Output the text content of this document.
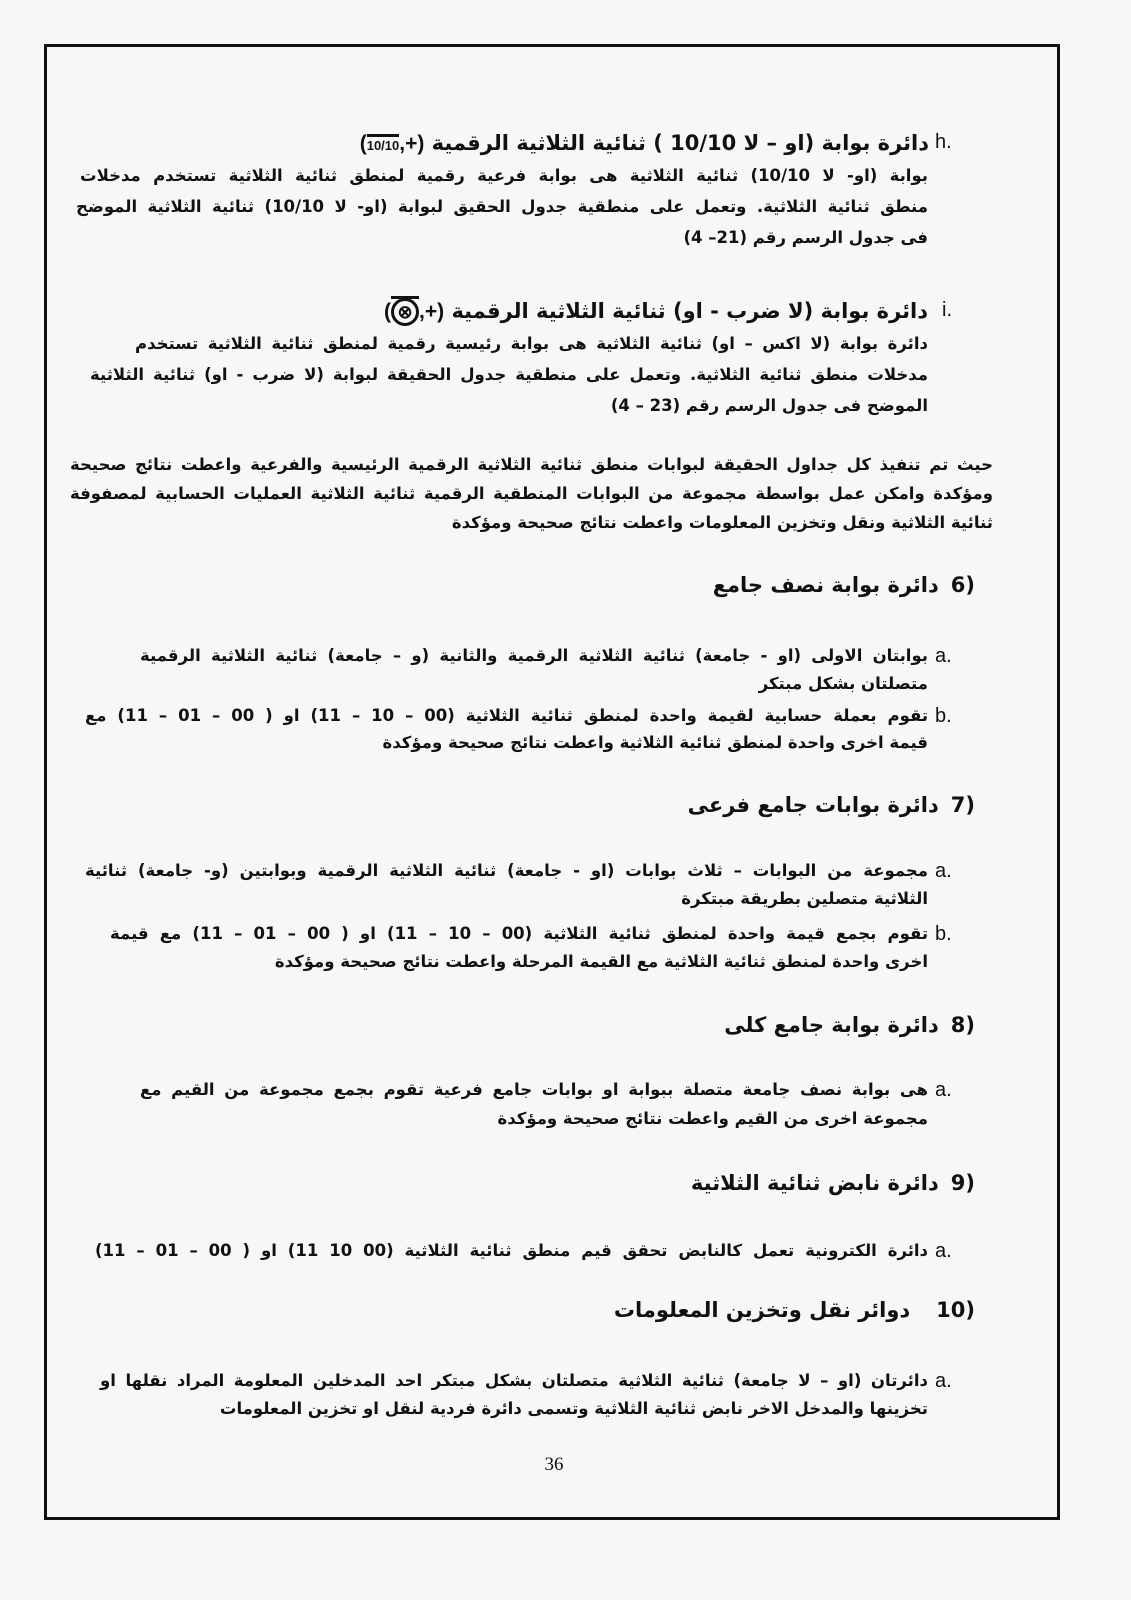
h.
دائرة بوابة (او – لا 10/10 ) ثنائية الثلاثية الرقمية (10/10,+)
بوابة (او- لا 10/10) ثنائية الثلاثية هى بوابة فرعية رقمية لمنطق ثنائية الثلاثية تستخدم مدخلات
منطق ثنائية الثلاثية. وتعمل على منطقية جدول الحقيق لبوابة (او- لا 10/10) ثنائية الثلاثية الموضح
فى جدول الرسم رقم (21– 4)
i.
دائرة بوابة (لا ضرب - او) ثنائية الثلاثية الرقمية ( ⊗ ,+)
دائرة بوابة (لا اكس – او) ثنائية الثلاثية هى بوابة رئيسية رقمية لمنطق ثنائية الثلاثية تستخدم
مدخلات منطق ثنائية الثلاثية. وتعمل على منطقية جدول الحقيقة لبوابة (لا ضرب - او) ثنائية الثلاثية
الموضح فى جدول الرسم رقم (23 – 4)
حيث تم تنفيذ كل جداول الحقيقة لبوابات منطق ثنائية الثلاثية الرقمية الرئيسية والفرعية واعطت نتائج صحيحة
ومؤكدة وامكن عمل بواسطة مجموعة من البوابات المنطقية الرقمية ثنائية الثلاثية العمليات الحسابية لمصفوفة
ثنائية الثلاثية ونقل وتخزين المعلومات واعطت نتائج صحيحة ومؤكدة
6)دائرة بوابة نصف جامع
a.
بوابتان الاولى (او - جامعة) ثنائية الثلاثية الرقمية والثانية (و – جامعة) ثنائية الثلاثية الرقمية
متصلتان بشكل مبتكر
b.
تقوم بعملة حسابية لقيمة واحدة لمنطق ثنائية الثلاثية (00 – 10 – 11) او ( 00 – 01 – 11) مع
قيمة اخرى واحدة لمنطق ثنائية الثلاثية واعطت نتائج صحيحة ومؤكدة
7)دائرة بوابات جامع فرعى
a.
مجموعة من البوابات – ثلاث بوابات (او - جامعة) ثنائية الثلاثية الرقمية وبوابتين (و- جامعة) ثنائية
الثلاثية متصلين بطريقة مبتكرة
b.
تقوم بجمع قيمة واحدة لمنطق ثنائية الثلاثية (00 – 10 – 11) او ( 00 – 01 – 11) مع قيمة
اخرى واحدة لمنطق ثنائية الثلاثية مع القيمة المرحلة واعطت نتائج صحيحة ومؤكدة
8)دائرة بوابة جامع كلى
a.
هى بوابة نصف جامعة متصلة ببوابة او بوابات جامع فرعية تقوم بجمع مجموعة من القيم مع
مجموعة اخرى من القيم واعطت نتائج صحيحة ومؤكدة
9)دائرة نابض ثنائية الثلاثية
a.
دائرة الكترونية تعمل كالنابض تحقق قيم منطق ثنائية الثلاثية (00 10 11) او ( 00 – 01 – 11)
10)دوائر نقل وتخزين المعلومات
a.
دائرتان (او – لا جامعة) ثنائية الثلاثية متصلتان بشكل مبتكر احد المدخلين المعلومة المراد نقلها او
تخزينها والمدخل الاخر نابض ثنائية الثلاثية وتسمى دائرة فردية لنقل او تخزين المعلومات
36
